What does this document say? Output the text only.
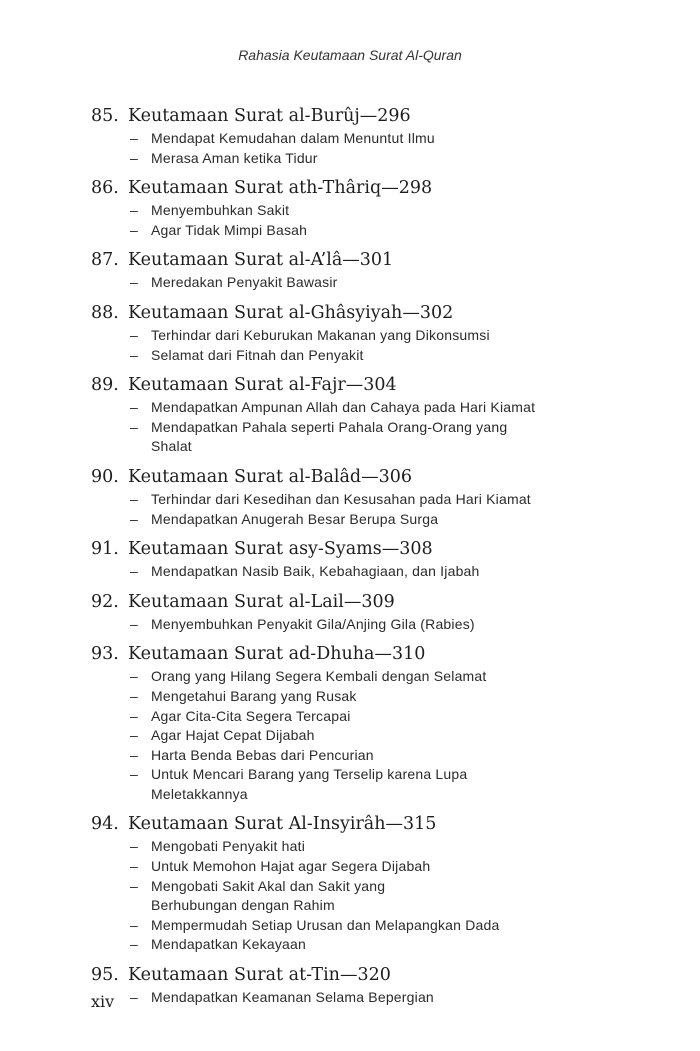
Rahasia Keutamaan Surat Al-Quran
85. Keutamaan Surat al-Burûj—296
– Mendapat Kemudahan dalam Menuntut Ilmu
– Merasa Aman ketika Tidur
86. Keutamaan Surat ath-Thâriq—298
– Menyembuhkan Sakit
– Agar Tidak Mimpi Basah
87. Keutamaan Surat al-A’lâ—301
– Meredakan Penyakit Bawasir
88. Keutamaan Surat al-Ghâsyiyah—302
– Terhindar dari Keburukan Makanan yang Dikonsumsi
– Selamat dari Fitnah dan Penyakit
89. Keutamaan Surat al-Fajr—304
– Mendapatkan Ampunan Allah dan Cahaya pada Hari Kiamat
– Mendapatkan Pahala seperti Pahala Orang-Orang yang Shalat
90. Keutamaan Surat al-Balâd—306
– Terhindar dari Kesedihan dan Kesusahan pada Hari Kiamat
– Mendapatkan Anugerah Besar Berupa Surga
91. Keutamaan Surat asy-Syams—308
– Mendapatkan Nasib Baik, Kebahagiaan, dan Ijabah
92. Keutamaan Surat al-Lail—309
– Menyembuhkan Penyakit Gila/Anjing Gila (Rabies)
93. Keutamaan Surat ad-Dhuha—310
– Orang yang Hilang Segera Kembali dengan Selamat
– Mengetahui Barang yang Rusak
– Agar Cita-Cita Segera Tercapai
– Agar Hajat Cepat Dijabah
– Harta Benda Bebas dari Pencurian
– Untuk Mencari Barang yang Terselip karena Lupa Meletakkannya
94. Keutamaan Surat Al-Insyirâh—315
– Mengobati Penyakit hati
– Untuk Memohon Hajat agar Segera Dijabah
– Mengobati Sakit Akal dan Sakit yang Berhubungan dengan Rahim
– Mempermudah Setiap Urusan dan Melapangkan Dada
– Mendapatkan Kekayaan
95. Keutamaan Surat at-Tin—320
– Mendapatkan Keamanan Selama Bepergian
xiv
